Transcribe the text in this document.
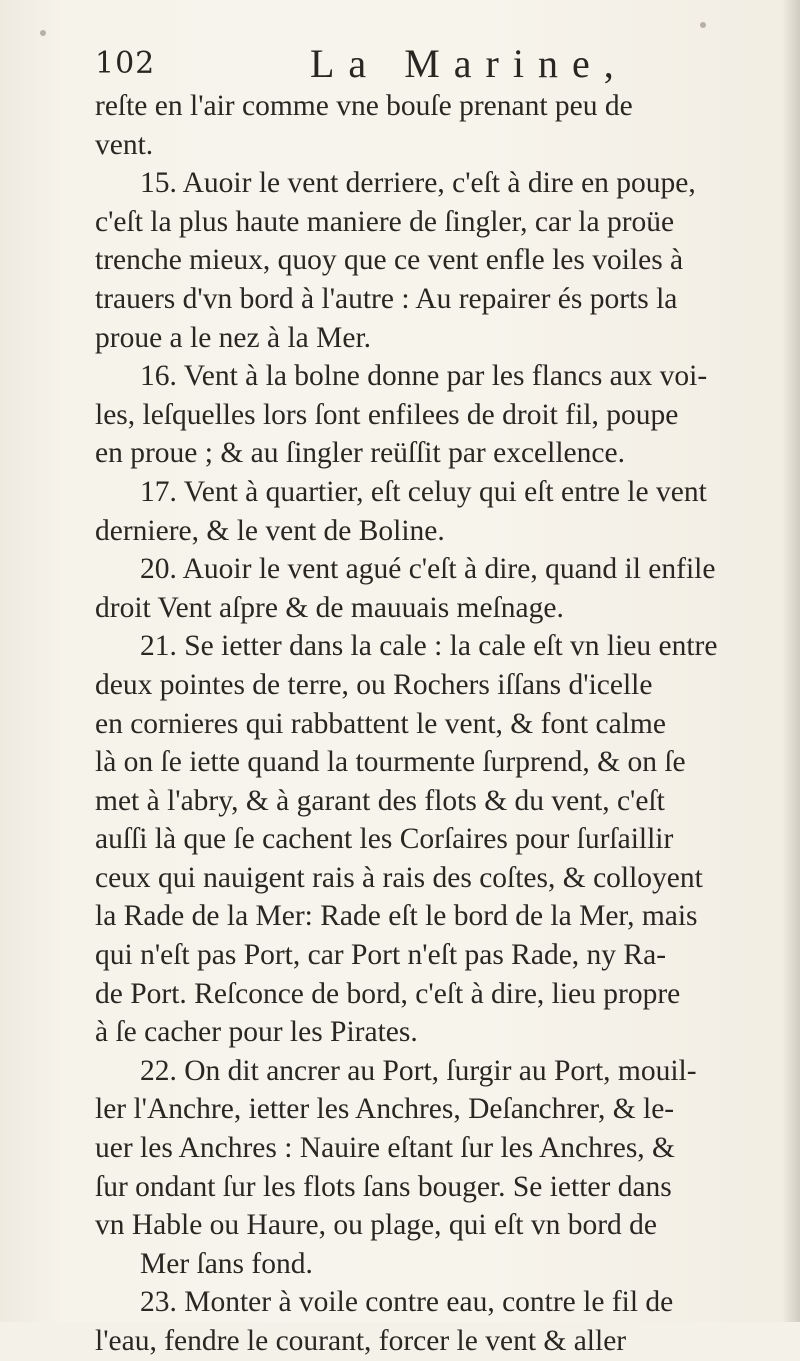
102	La Marine,
reſte en l'air comme vne bouſe prenant peu de
vent.
15. Auoir le vent derriere, c'eſt à dire en poupe,
c'eſt la plus haute maniere de ſingler, car la proüe
trenche mieux, quoy que ce vent enfle les voiles à
trauers d'vn bord à l'autre : Au repairer és ports la
proue a le nez à la Mer.
16. Vent à la bolne donne par les flancs aux voi-
les, leſquelles lors ſont enfilees de droit fil, poupe
en proue ; & au ſingler reüſſit par excellence.
17. Vent à quartier, eſt celuy qui eſt entre le vent
derniere, & le vent de Boline.
20. Auoir le vent agué c'eſt à dire, quand il enfile
droit Vent aſpre & de mauuais meſnage.
21. Se ietter dans la cale : la cale eſt vn lieu entre
deux pointes de terre, ou Rochers iſſans d'icelle
en cornieres qui rabbattent le vent, & font calme
là on ſe iette quand la tourmente ſurprend, & on ſe
met à l'abry, & à garant des flots & du vent, c'eſt
auſſi là que ſe cachent les Corſaires pour ſurſaillir
ceux qui nauigent rais à rais des coſtes, & colloyent
la Rade de la Mer: Rade eſt le bord de la Mer, mais
qui n'eſt pas Port, car Port n'eſt pas Rade, ny Ra-
de Port. Reſconce de bord, c'eſt à dire, lieu propre
à ſe cacher pour les Pirates.
22. On dit ancrer au Port, ſurgir au Port, mouil-
ler l'Anchre, ietter les Anchres, Deſanchrer, & le-
uer les Anchres : Nauire eſtant ſur les Anchres, &
ſur ondant ſur les flots ſans bouger. Se ietter dans
vn Hable ou Haure, ou plage, qui eſt vn bord de
Mer ſans fond.
23. Monter à voile contre eau, contre le fil de
l'eau, fendre le courant, forcer le vent & aller
